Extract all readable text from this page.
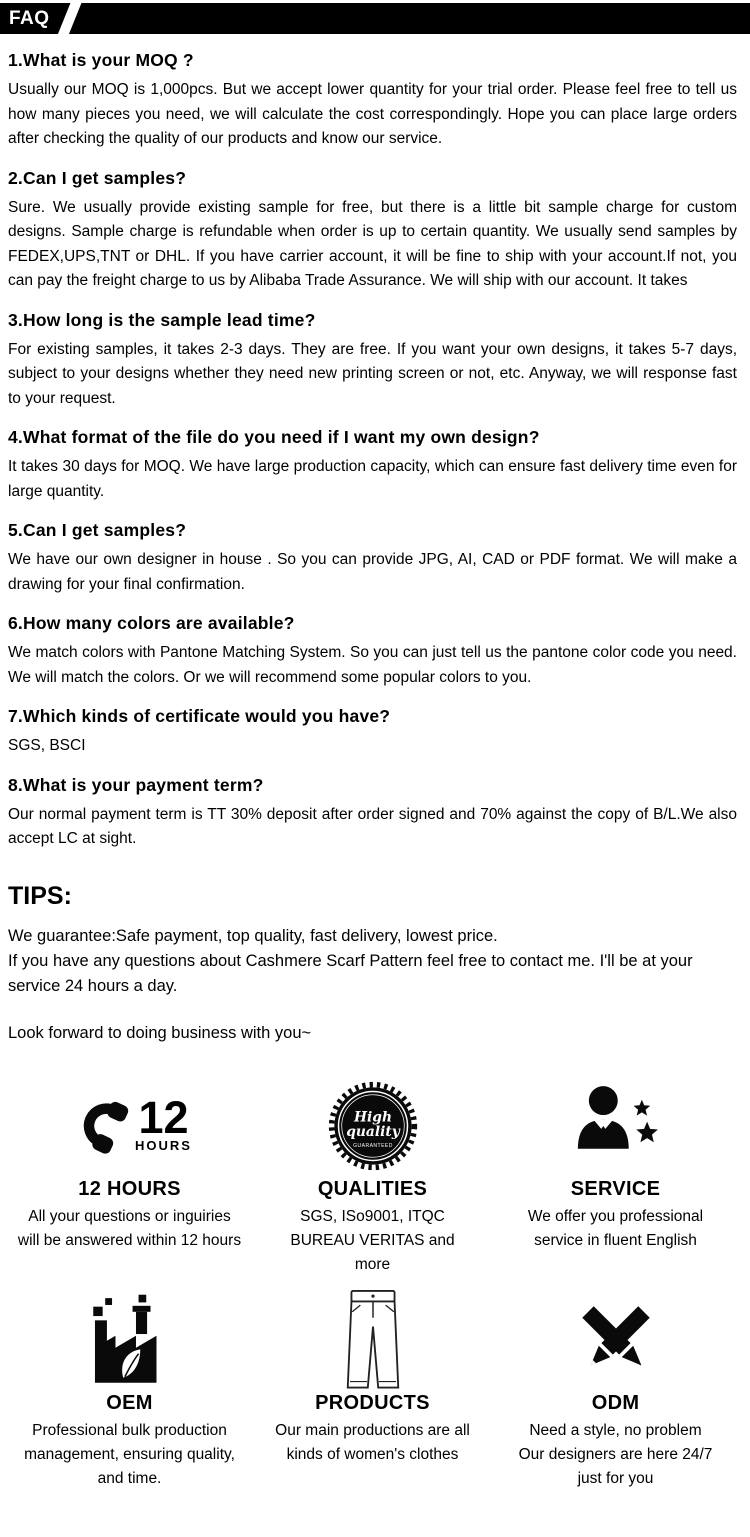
FAQ
1.What is your MOQ ?

Usually our MOQ is 1,000pcs. But we accept lower quantity for your trial order. Please feel free to tell us how many pieces you need, we will calculate the cost correspondingly. Hope you can place large orders after checking the quality of our products and know our service.

2.Can I get samples?

Sure. We usually provide existing sample for free, but there is a little bit sample charge for custom designs. Sample charge is refundable when order is up to certain quantity. We usually send samples by FEDEX,UPS,TNT or DHL. If you have carrier account, it will be fine to ship with your account.If not, you can pay the freight charge to us by Alibaba Trade Assurance. We will ship with our account. It takes

3.How long is the sample lead time?

For existing samples, it takes 2-3 days. They are free. If you want your own designs, it takes 5-7 days, subject to your designs whether they need new printing screen or not, etc. Anyway, we will response fast to your request.

4.What format of the file do you need if I want my own design?

It takes 30 days for MOQ. We have large production capacity, which can ensure fast delivery time even for large quantity.

5.Can I get samples?

We have our own designer in house . So you can provide JPG, AI, CAD or PDF format. We will make a drawing for your final confirmation.

6.How many colors are available?

We match colors with Pantone Matching System. So you can just tell us the pantone color code you need. We will match the colors. Or we will recommend some popular colors to you.

7.Which kinds of certificate would you have?

SGS, BSCI

8.What is your payment term?

Our normal payment term is TT 30% deposit after order signed and 70% against the copy of B/L.We also accept LC at sight.

TIPS:

We guarantee:Safe payment, top quality, fast delivery, lowest price.

If you have any questions about Cashmere Scarf Pattern feel free to contact me. I'll be at your service 24 hours a day.

Look forward to doing business with you~

12
HOURS
12 HOURS
All your questions or inguiries will be answered within 12 hours
High
quality
GUARANTEED
QUALITIES
SGS, ISo9001, ITQC BUREAU VERITAS and more
SERVICE
We offer you professional service in fluent English
OEM
Professional bulk production management, ensuring quality, and time.
PRODUCTS
Our main productions are all kinds of women's clothes
ODM
Need a style, no problem Our designers are here 24/7 just for you
